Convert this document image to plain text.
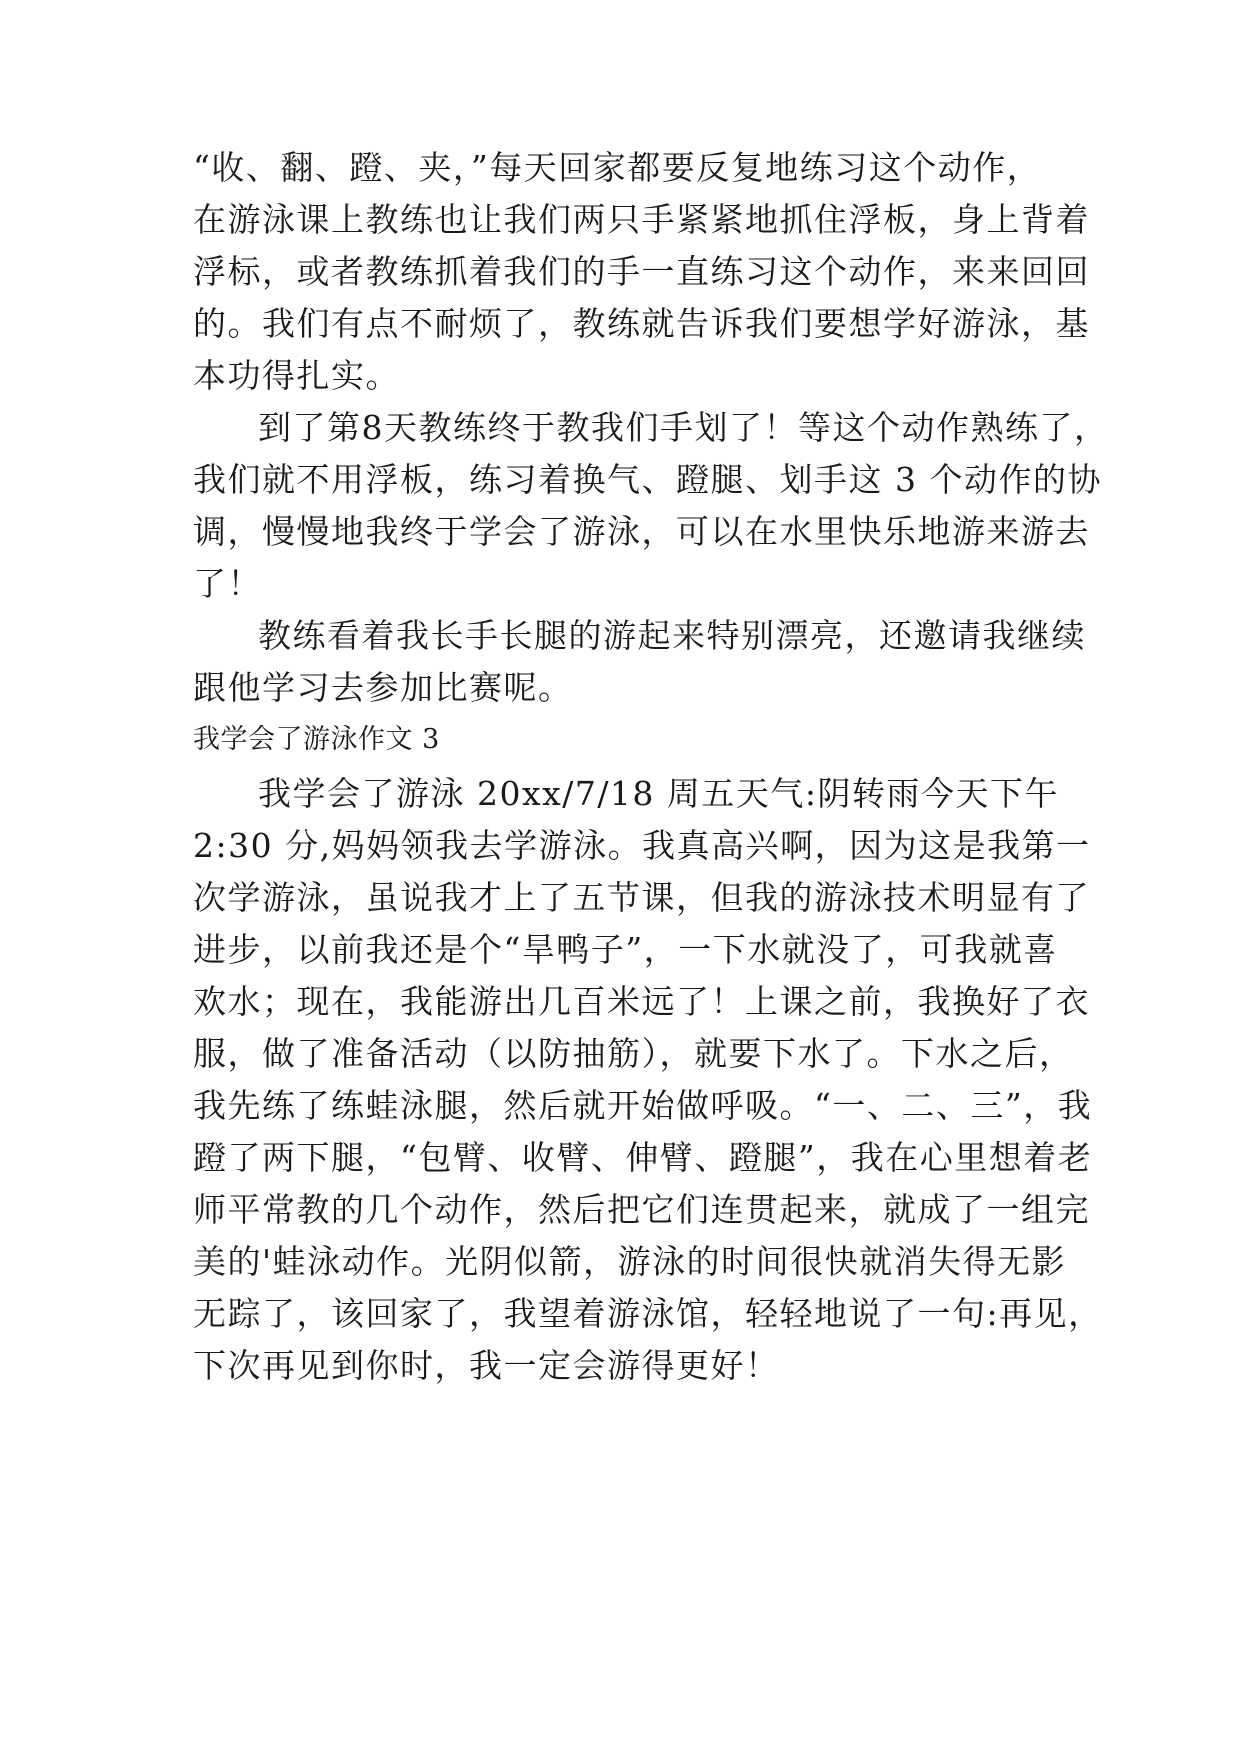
“收、翻、蹬、夹，”每天回家都要反复地练习这个动作，

在游泳课上教练也让我们两只手紧紧地抓住浮板，身上背着

浮标，或者教练抓着我们的手一直练习这个动作，来来回回

的。我们有点不耐烦了，教练就告诉我们要想学好游泳，基

本功得扎实。

到了第8天教练终于教我们手划了！等这个动作熟练了，

我们就不用浮板，练习着换气、蹬腿、划手这 3 个动作的协

调，慢慢地我终于学会了游泳，可以在水里快乐地游来游去

了！

教练看着我长手长腿的游起来特别漂亮，还邀请我继续

跟他学习去参加比赛呢。

我学会了游泳作文 3

我学会了游泳 20xx/7/18 周五天气:阴转雨今天下午

2:30 分,妈妈领我去学游泳。我真高兴啊，因为这是我第一

次学游泳，虽说我才上了五节课，但我的游泳技术明显有了

进步，以前我还是个“旱鸭子”，一下水就没了，可我就喜

欢水；现在，我能游出几百米远了！上课之前，我换好了衣

服，做了准备活动（以防抽筋），就要下水了。下水之后，

我先练了练蛙泳腿，然后就开始做呼吸。“一、二、三”，我

蹬了两下腿，“包臂、收臂、伸臂、蹬腿”，我在心里想着老

师平常教的几个动作，然后把它们连贯起来，就成了一组完

美的'蛙泳动作。光阴似箭，游泳的时间很快就消失得无影

无踪了，该回家了，我望着游泳馆，轻轻地说了一句:再见，

下次再见到你时，我一定会游得更好！
